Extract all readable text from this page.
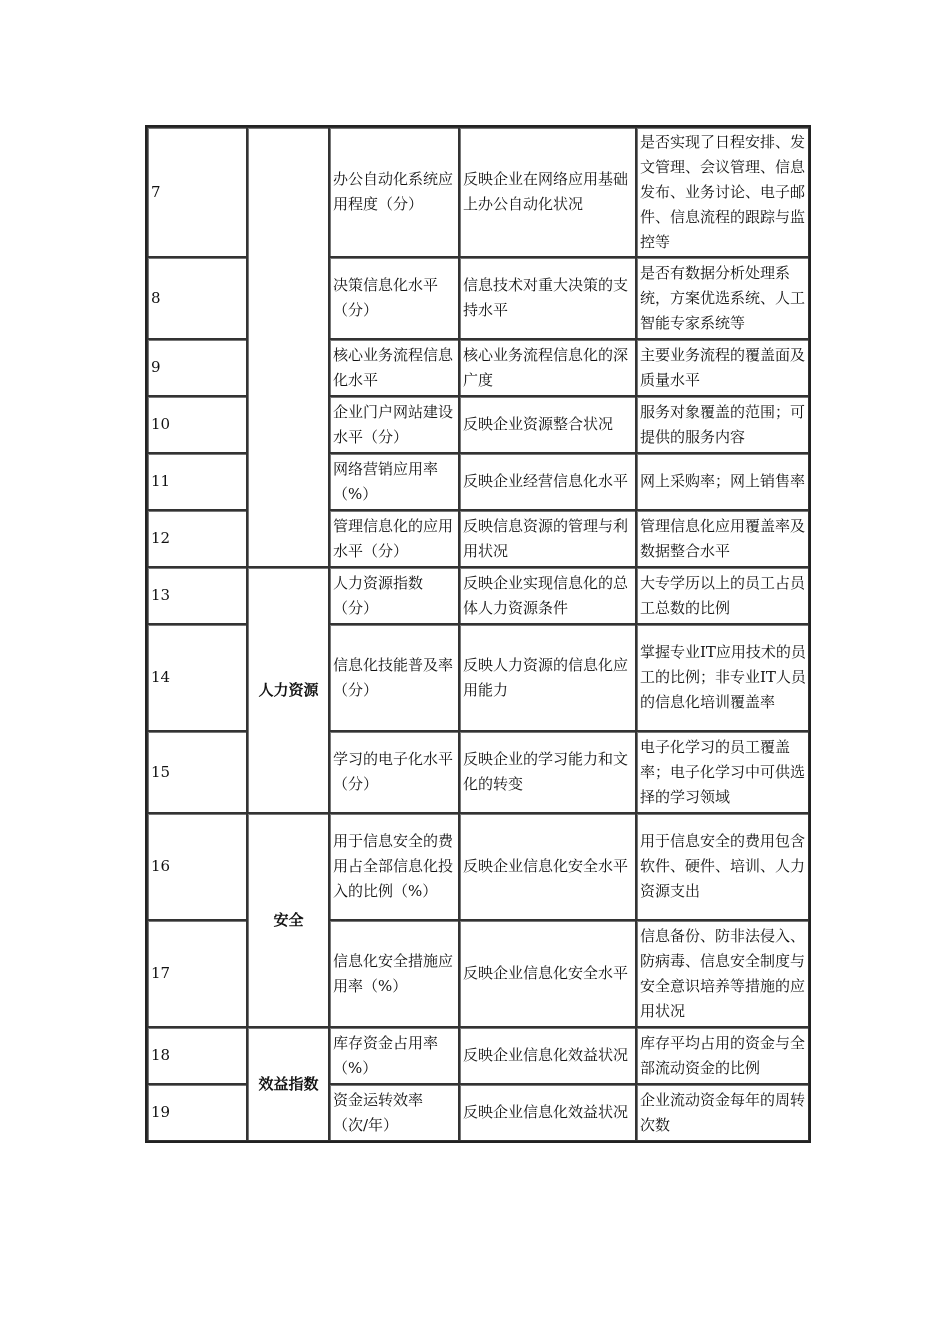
7		办公自动化系统应用程度（分）	反映企业在网络应用基础上办公自动化状况	是否实现了日程安排、发文管理、会议管理、信息发布、业务讨论、电子邮件、信息流程的跟踪与监控等
8		决策信息化水平（分）	信息技术对重大决策的支持水平	是否有数据分析处理系统，方案优选系统、人工智能专家系统等
9		核心业务流程信息化水平	核心业务流程信息化的深广度	主要业务流程的覆盖面及质量水平
10		企业门户网站建设水平（分）	反映企业资源整合状况	服务对象覆盖的范围；可提供的服务内容
11		网络营销应用率（%）	反映企业经营信息化水平	网上采购率；网上销售率
12		管理信息化的应用水平（分）	反映信息资源的管理与利用状况	管理信息化应用覆盖率及数据整合水平
13	人力资源	人力资源指数（分）	反映企业实现信息化的总体人力资源条件	大专学历以上的员工占员工总数的比例
14		信息化技能普及率（分）	反映人力资源的信息化应用能力	掌握专业IT应用技术的员工的比例；非专业IT人员的信息化培训覆盖率
15		学习的电子化水平（分）	反映企业的学习能力和文化的转变	电子化学习的员工覆盖率；电子化学习中可供选择的学习领域
16	安全	用于信息安全的费用占全部信息化投入的比例（%）	反映企业信息化安全水平	用于信息安全的费用包含软件、硬件、培训、人力资源支出
17		信息化安全措施应用率（%）	反映企业信息化安全水平	信息备份、防非法侵入、防病毒、信息安全制度与安全意识培养等措施的应用状况
18	效益指数	库存资金占用率（%）	反映企业信息化效益状况	库存平均占用的资金与全部流动资金的比例
19		资金运转效率（次/年）	反映企业信息化效益状况	企业流动资金每年的周转次数
